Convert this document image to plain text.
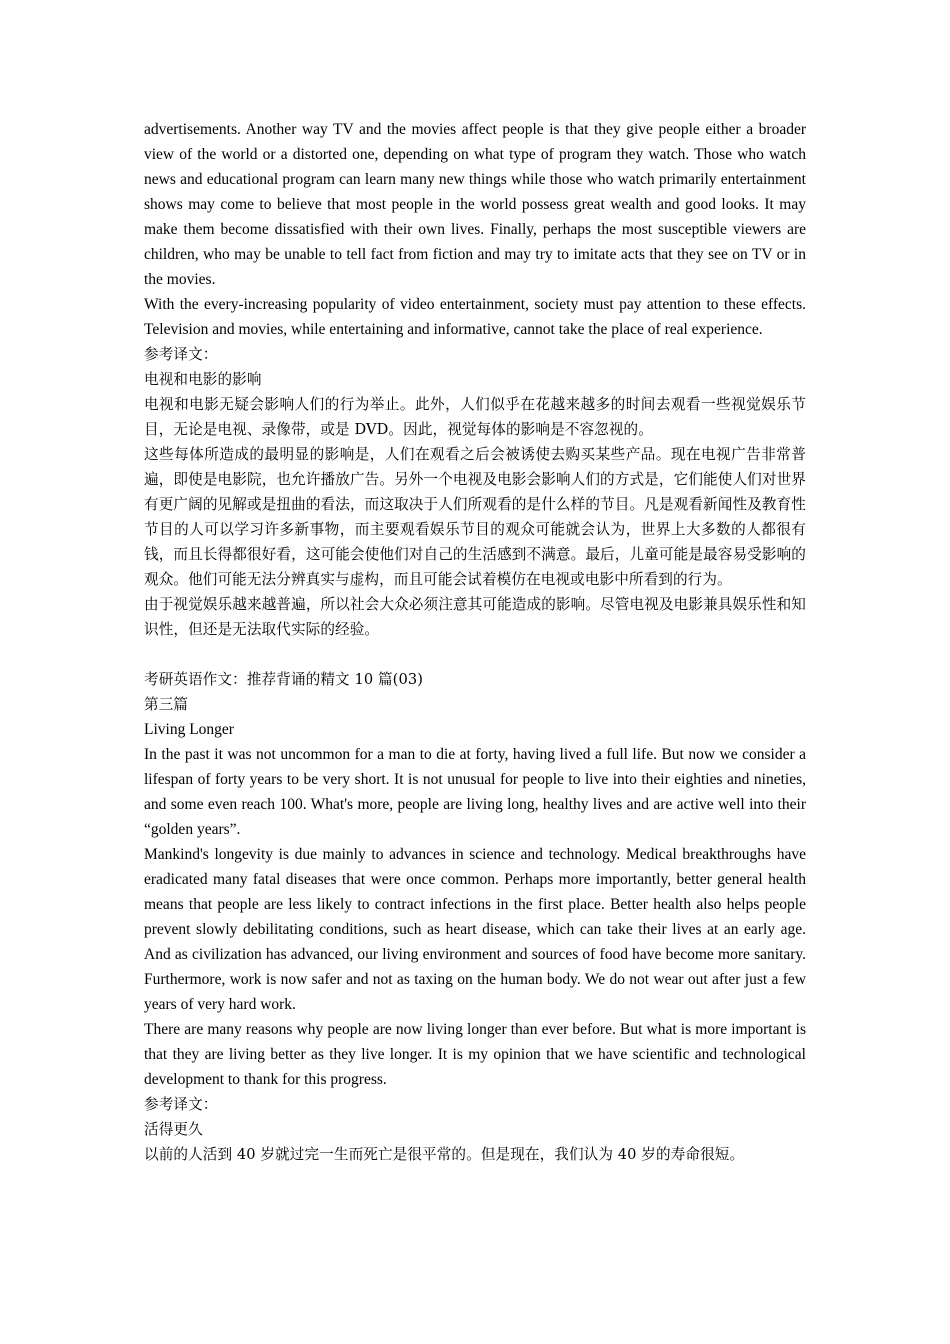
advertisements. Another way TV and the movies affect people is that they give people either a broader view of the world or a distorted one, depending on what type of program they watch. Those who watch news and educational program can learn many new things while those who watch primarily entertainment shows may come to believe that most people in the world possess great wealth and good looks. It may make them become dissatisfied with their own lives. Finally, perhaps the most susceptible viewers are children, who may be unable to tell fact from fiction and may try to imitate acts that they see on TV or in the movies.

With the every-increasing popularity of video entertainment, society must pay attention to these effects. Television and movies, while entertaining and informative, cannot take the place of real experience.

参考译文：

电视和电影的影响

电视和电影无疑会影响人们的行为举止。此外，人们似乎在花越来越多的时间去观看一些视觉娱乐节目，无论是电视、录像带，或是 DVD。因此，视觉每体的影响是不容忽视的。

这些每体所造成的最明显的影响是，人们在观看之后会被诱使去购买某些产品。现在电视广告非常普遍，即使是电影院，也允许播放广告。另外一个电视及电影会影响人们的方式是，它们能使人们对世界有更广阔的见解或是扭曲的看法，而这取决于人们所观看的是什么样的节目。凡是观看新闻性及教育性节目的人可以学习许多新事物，而主要观看娱乐节目的观众可能就会认为，世界上大多数的人都很有钱，而且长得都很好看，这可能会使他们对自己的生活感到不满意。最后，儿童可能是最容易受影响的观众。他们可能无法分辨真实与虚构，而且可能会试着模仿在电视或电影中所看到的行为。

由于视觉娱乐越来越普遍，所以社会大众必须注意其可能造成的影响。尽管电视及电影兼具娱乐性和知识性，但还是无法取代实际的经验。

考研英语作文：推荐背诵的精文 10 篇(03)

第三篇

Living Longer

In the past it was not uncommon for a man to die at forty, having lived a full life. But now we consider a lifespan of forty years to be very short. It is not unusual for people to live into their eighties and nineties, and some even reach 100. What's more, people are living long, healthy lives and are active well into their “golden years”.

Mankind's longevity is due mainly to advances in science and technology. Medical breakthroughs have eradicated many fatal diseases that were once common. Perhaps more importantly, better general health means that people are less likely to contract infections in the first place. Better health also helps people prevent slowly debilitating conditions, such as heart disease, which can take their lives at an early age. And as civilization has advanced, our living environment and sources of food have become more sanitary. Furthermore, work is now safer and not as taxing on the human body. We do not wear out after just a few years of very hard work.

There are many reasons why people are now living longer than ever before. But what is more important is that they are living better as they live longer. It is my opinion that we have scientific and technological development to thank for this progress.

参考译文：

活得更久

以前的人活到 40 岁就过完一生而死亡是很平常的。但是现在，我们认为 40 岁的寿命很短。
